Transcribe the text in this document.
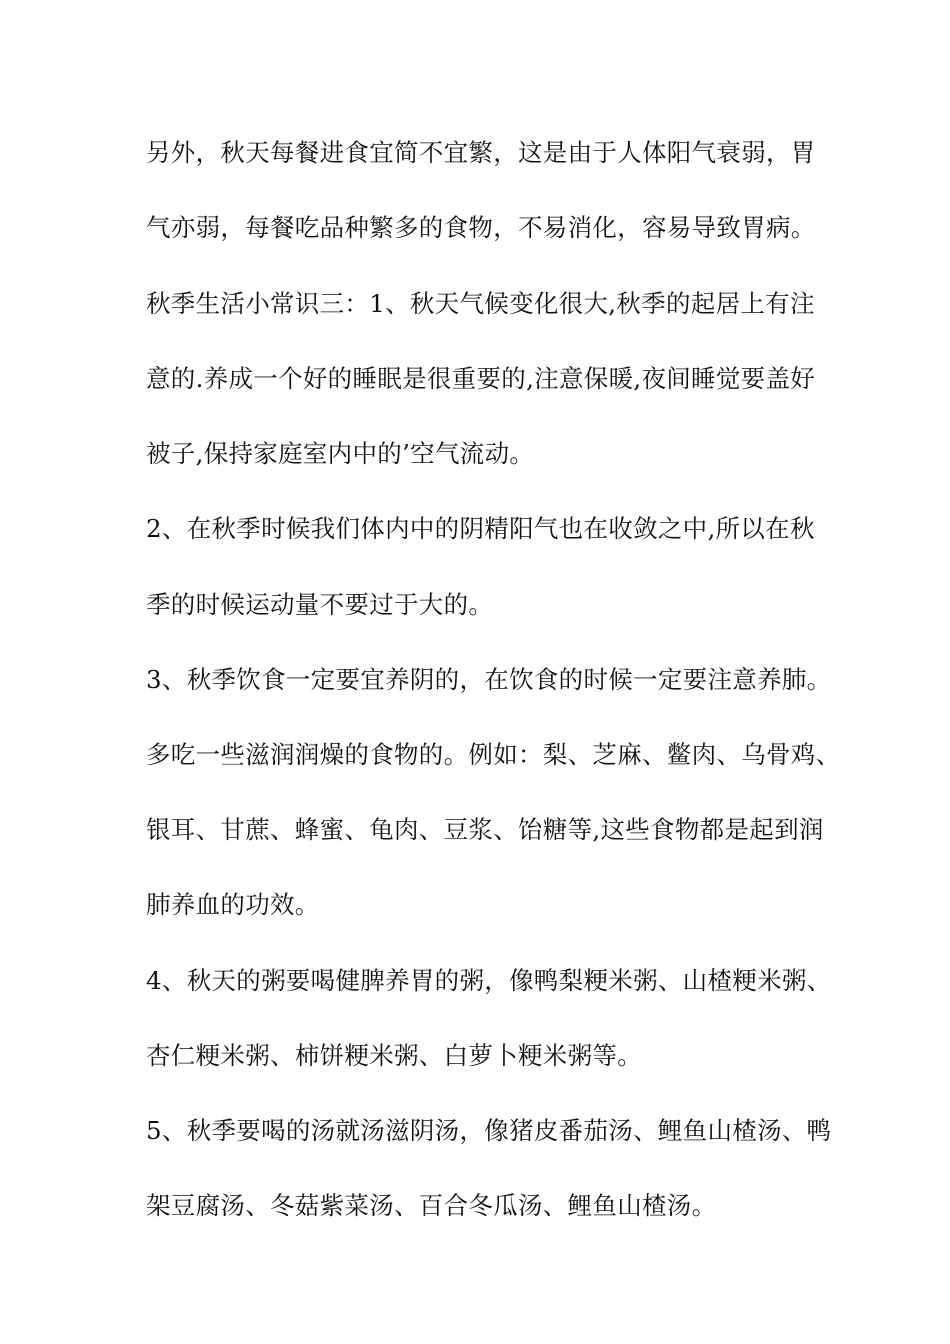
另外，秋天每餐进食宜简不宜繁，这是由于人体阳气衰弱，胃
气亦弱，每餐吃品种繁多的食物，不易消化，容易导致胃病。
秋季生活小常识三：1、秋天气候变化很大,秋季的起居上有注
意的.养成一个好的睡眠是很重要的,注意保暖,夜间睡觉要盖好
被子,保持家庭室内中的’空气流动。
2、在秋季时候我们体内中的阴精阳气也在收敛之中,所以在秋
季的时候运动量不要过于大的。
3、秋季饮食一定要宜养阴的，在饮食的时候一定要注意养肺。
多吃一些滋润润燥的食物的。例如：梨、芝麻、鳖肉、乌骨鸡、
银耳、甘蔗、蜂蜜、龟肉、豆浆、饴糖等,这些食物都是起到润
肺养血的功效。
4、秋天的粥要喝健脾养胃的粥，像鸭梨粳米粥、山楂粳米粥、
杏仁粳米粥、柿饼粳米粥、白萝卜粳米粥等。
5、秋季要喝的汤就汤滋阴汤，像猪皮番茄汤、鲤鱼山楂汤、鸭
架豆腐汤、冬菇紫菜汤、百合冬瓜汤、鲤鱼山楂汤。
